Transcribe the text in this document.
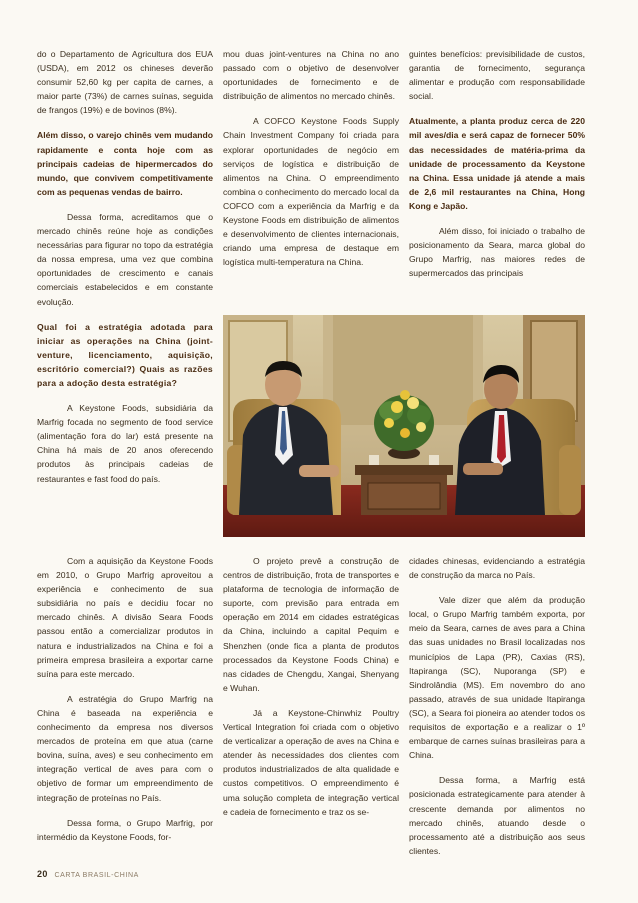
do o Departamento de Agricultura dos EUA (USDA), em 2012 os chineses deverão consumir 52,60 kg per capita de carnes, a maior parte (73%) de carnes suínas, seguida de frangos (19%) e de bovinos (8%).

Além disso, o varejo chinês vem mudando rapidamente e conta hoje com as principais cadeias de hipermercados do mundo, que convivem competitivamente com as pequenas vendas de bairro.

Dessa forma, acreditamos que o mercado chinês reúne hoje as condições necessárias para figurar no topo da estratégia da nossa empresa, uma vez que combina oportunidades de crescimento e canais comerciais estabelecidos e em constante evolução.

Qual foi a estratégia adotada para iniciar as operações na China (joint-venture, licenciamento, aquisição, escritório comercial?) Quais as razões para a adoção desta estratégia?

A Keystone Foods, subsidiária da Marfrig focada no segmento de food service (alimentação fora do lar) está presente na China há mais de 20 anos oferecendo produtos às principais cadeias de restaurantes e fast food do país.

mou duas joint-ventures na China no ano passado com o objetivo de desenvolver oportunidades de fornecimento e de distribuição de alimentos no mercado chinês.

A COFCO Keystone Foods Supply Chain Investment Company foi criada para explorar oportunidades de negócio em serviços de logística e distribuição de alimentos na China. O empreendimento combina o conhecimento do mercado local da COFCO com a experiência da Marfrig e da Keystone Foods em distribuição de alimentos e desenvolvimento de clientes internacionais, criando uma empresa de destaque em logística multi-temperatura na China.

guintes benefícios: previsibilidade de custos, garantia de fornecimento, segurança alimentar e produção com responsabilidade social.

Atualmente, a planta produz cerca de 220 mil aves/dia e será capaz de fornecer 50% das necessidades de matéria-prima da unidade de processamento da Keystone na China. Essa unidade já atende a mais de 2,6 mil restaurantes na China, Hong Kong e Japão.

Além disso, foi iniciado o trabalho de posicionamento da Seara, marca global do Grupo Marfrig, nas maiores redes de supermercados das principais

Com a aquisição da Keystone Foods em 2010, o Grupo Marfrig aproveitou a experiência e conhecimento de sua subsidiária no país e decidiu focar no mercado chinês. A divisão Seara Foods passou então a comercializar produtos in natura e industrializados na China e foi a primeira empresa brasileira a exportar carne suína para este mercado.

A estratégia do Grupo Marfrig na China é baseada na experiência e conhecimento da empresa nos diversos mercados de proteína em que atua (carne bovina, suína, aves) e seu conhecimento em integração vertical de aves para com o objetivo de formar um empreendimento de integração de proteínas no País.

Dessa forma, o Grupo Marfrig, por intermédio da Keystone Foods, for-

O projeto prevê a construção de centros de distribuição, frota de transportes e plataforma de tecnologia de informação de suporte, com previsão para entrada em operação em 2014 em cidades estratégicas da China, incluindo a capital Pequim e Shenzhen (onde fica a planta de produtos processados da Keystone Foods China) e nas cidades de Chengdu, Xangai, Shenyang e Wuhan.

Já a Keystone-Chinwhiz Poultry Vertical Integration foi criada com o objetivo de verticalizar a operação de aves na China e atender às necessidades dos clientes com produtos industrializados de alta qualidade e custos competitivos. O empreendimento é uma solução completa de integração vertical e cadeia de fornecimento e traz os se-

cidades chinesas, evidenciando a estratégia de construção da marca no País.

Vale dizer que além da produção local, o Grupo Marfrig também exporta, por meio da Seara, carnes de aves para a China das suas unidades no Brasil localizadas nos municípios de Lapa (PR), Caxias (RS), Itapiranga (SC), Nuporanga (SP) e Sindrolândia (MS). Em novembro do ano passado, através de sua unidade Itapiranga (SC), a Seara foi pioneira ao atender todos os requisitos de exportação e a realizar o 1º embarque de carnes suínas brasileiras para a China.

Dessa forma, a Marfrig está posicionada estrategicamente para atender à crescente demanda por alimentos no mercado chinês, atuando desde o processamento até a distribuição aos seus clientes.

20 CARTA BRASIL-CHINA
